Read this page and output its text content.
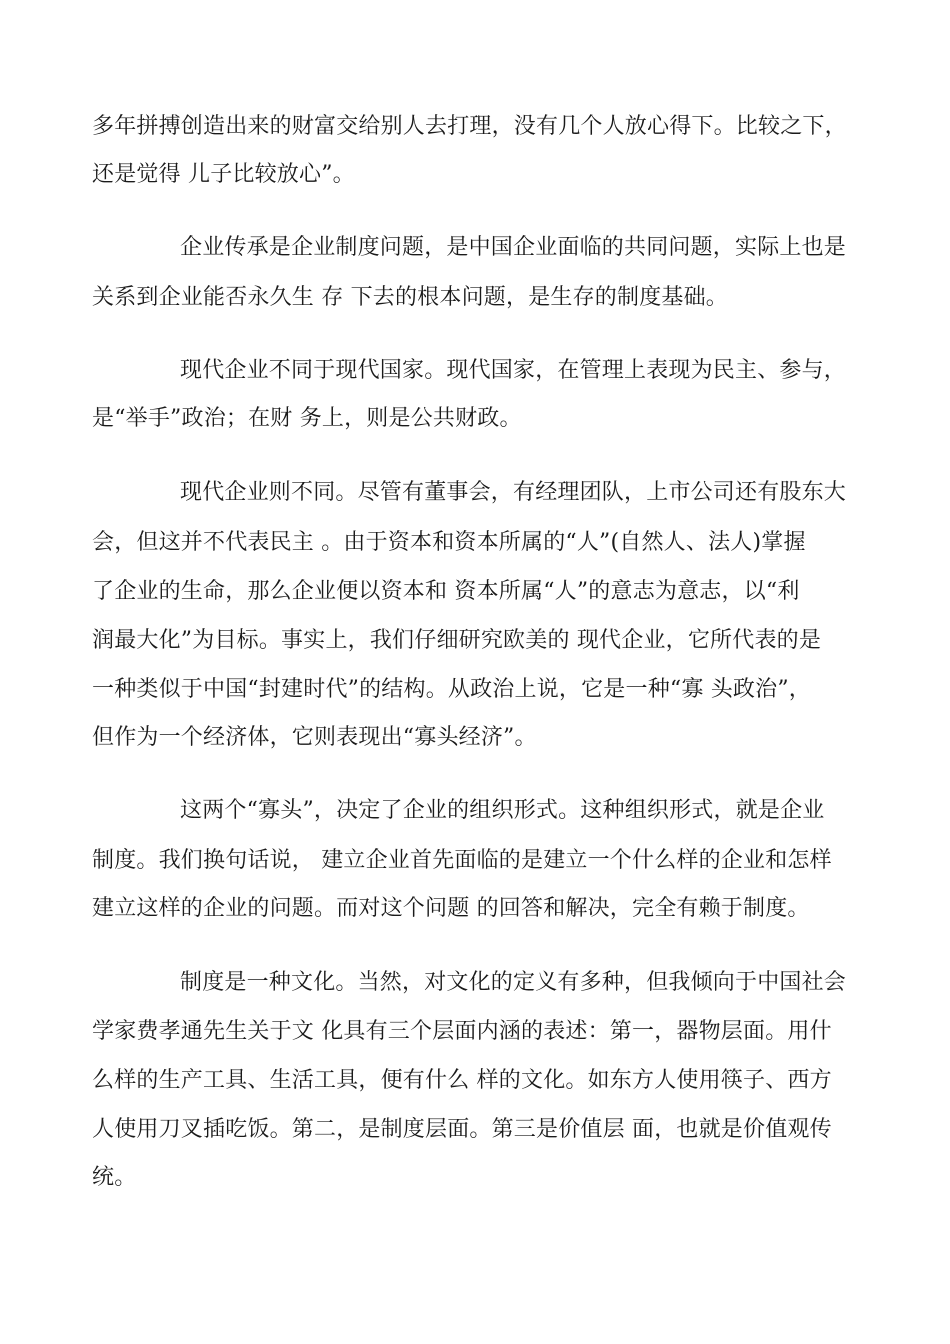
多年拼搏创造出来的财富交给别人去打理，没有几个人放心得下。比较之下，
还是觉得 儿子比较放心”。
企业传承是企业制度问题，是中国企业面临的共同问题，实际上也是
关系到企业能否永久生 存 下去的根本问题，是生存的制度基础。
现代企业不同于现代国家。现代国家，在管理上表现为民主、参与，
是“举手”政治；在财 务上，则是公共财政。
现代企业则不同。尽管有董事会，有经理团队，上市公司还有股东大
会，但这并不代表民主 。由于资本和资本所属的“人”(自然人、法人)掌握
了企业的生命，那么企业便以资本和 资本所属“人”的意志为意志，以“利
润最大化”为目标。事实上，我们仔细研究欧美的 现代企业，它所代表的是
一种类似于中国“封建时代”的结构。从政治上说，它是一种“寡 头政治”，
但作为一个经济体，它则表现出“寡头经济”。
这两个“寡头”，决定了企业的组织形式。这种组织形式，就是企业
制度。我们换句话说， 建立企业首先面临的是建立一个什么样的企业和怎样
建立这样的企业的问题。而对这个问题 的回答和解决，完全有赖于制度。
制度是一种文化。当然，对文化的定义有多种，但我倾向于中国社会
学家费孝通先生关于文 化具有三个层面内涵的表述：第一，器物层面。用什
么样的生产工具、生活工具，便有什么 样的文化。如东方人使用筷子、西方
人使用刀叉插吃饭。第二，是制度层面。第三是价值层 面，也就是价值观传
统。
